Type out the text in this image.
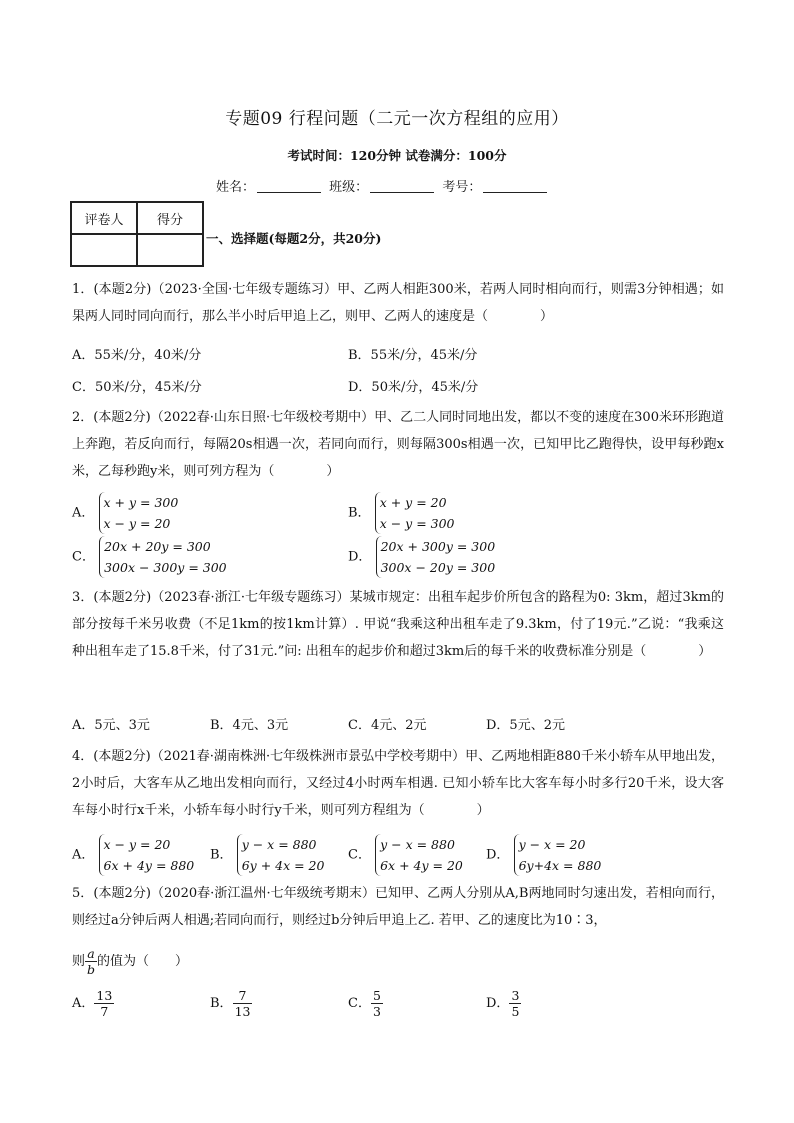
专题09 行程问题（二元一次方程组的应用）
考试时间：120分钟 试卷满分：100分
姓名：	班级：	考号：
评卷人	得分

一、选择题(每题2分，共20分)
1．(本题2分)（2023·全国·七年级专题练习）甲、乙两人相距300米，若两人同时相向而行，则需3分钟相遇；如果两人同时同向而行，那么半小时后甲追上乙，则甲、乙两人的速度是（　　　　）
A．55米/分，40米/分	B．55米/分，45米/分
C．50米/分，45米/分	D．50米/分，45米/分
2．(本题2分)（2022春·山东日照·七年级校考期中）甲、乙二人同时同地出发，都以不变的速度在300米环形跑道上奔跑，若反向而行，每隔20s相遇一次，若同向而行，则每隔300s相遇一次，已知甲比乙跑得快，设甲每秒跑x米，乙每秒跑y米，则可列方程为（　　　　）
A． x + y = 300
x − y = 20
B． x + y = 20
x − y = 300
C． 20x + 20y = 300
300x − 300y = 300
D． 20x + 300y = 300
300x − 20y = 300
3．(本题2分)（2023春·浙江·七年级专题练习）某城市规定：出租车起步价所包含的路程为0: 3km，超过3km的部分按每千米另收费（不足1km的按1km计算）. 甲说“我乘这种出租车走了9.3km，付了19元.”乙说：“我乘这种出租车走了15.8千米，付了31元.”问: 出租车的起步价和超过3km后的每千米的收费标准分别是（　　　　）
A．5元、3元	B．4元、3元	C．4元、2元	D．5元、2元
4．(本题2分)（2021春·湖南株洲·七年级株洲市景弘中学校考期中）甲、乙两地相距880千米小轿车从甲地出发，2小时后，大客车从乙地出发相向而行，又经过4小时两车相遇. 已知小轿车比大客车每小时多行20千米，设大客车每小时行x千米，小轿车每小时行y千米，则可列方程组为（　　　　）
A． x − y = 20
6x + 4y = 880
B． y − x = 880
6y + 4x = 20
C． y − x = 880
6x + 4y = 20
D． y − x = 20
6y+4x = 880
5．(本题2分)（2020春·浙江温州·七年级统考期末）已知甲、乙两人分别从A,B两地同时匀速出发，若相向而行，则经过a分钟后两人相遇;若同向而行，则经过b分钟后甲追上乙. 若甲、乙的速度比为10∶3，
则 $\frac{a}{b}$ 的值为（　　）
A． $\frac{13}{7}$	B． $\frac{7}{13}$	C． $\frac{5}{3}$	D． $\frac{3}{5}$
